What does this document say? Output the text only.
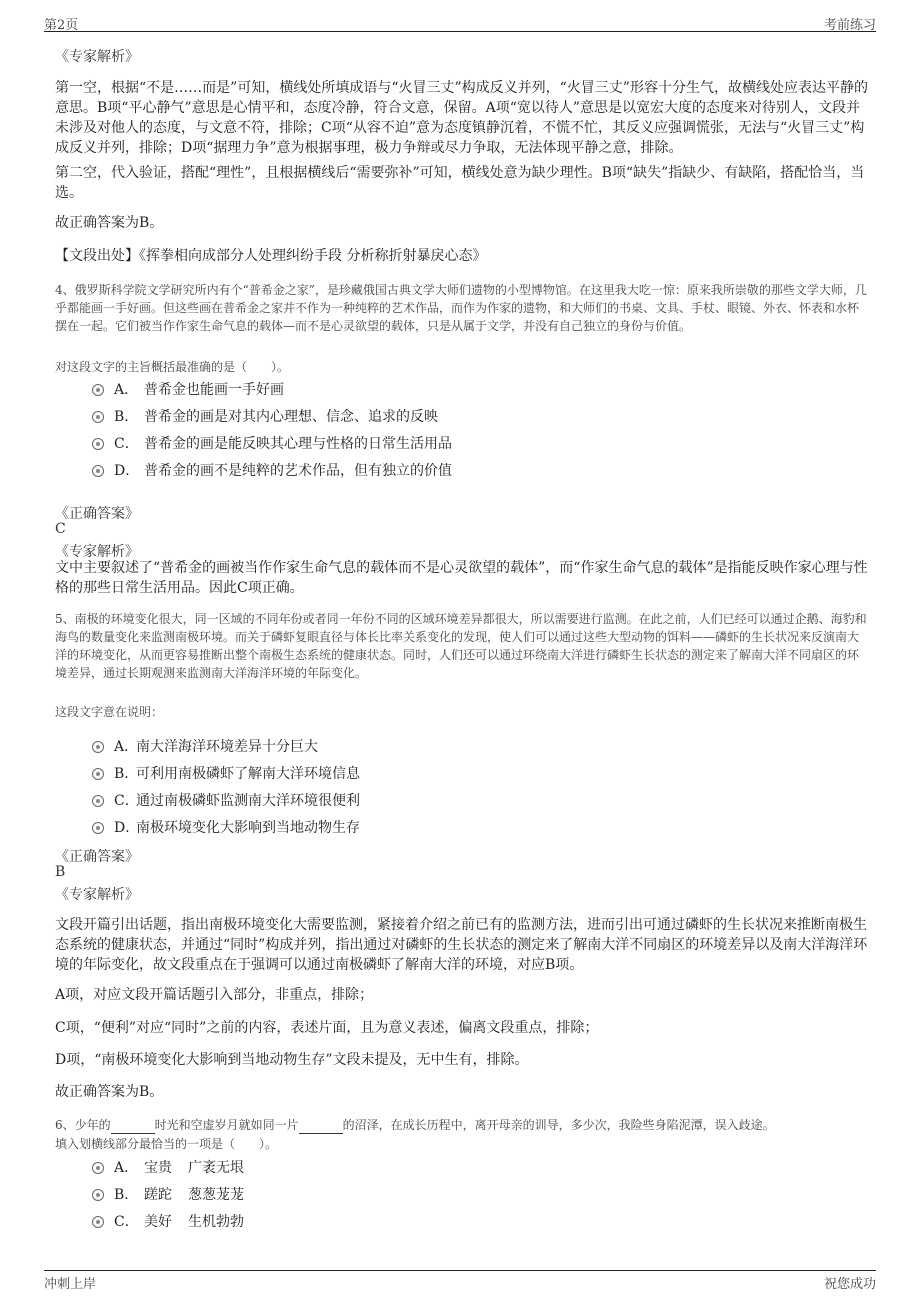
第2页	考前练习
《专家解析》

第一空，根据“不是……而是”可知，横线处所填成语与“火冒三丈”构成反义并列，“火冒三丈”形容十分生气，故横线处应表达平静的意思。B项“平心静气”意思是心情平和，态度冷静，符合文意，保留。A项“宽以待人”意思是以宽宏大度的态度来对待别人，文段并未涉及对他人的态度，与文意不符，排除；C项“从容不迫”意为态度镇静沉着，不慌不忙，其反义应强调慌张，无法与“火冒三丈”构成反义并列，排除；D项“据理力争”意为根据事理，极力争辩或尽力争取，无法体现平静之意，排除。

第二空，代入验证，搭配“理性”，且根据横线后“需要弥补”可知，横线处意为缺少理性。B项“缺失”指缺少、有缺陷，搭配恰当，当选。

故正确答案为B。

【文段出处】《挥拳相向成部分人处理纠纷手段 分析称折射暴戾心态》

4、俄罗斯科学院文学研究所内有个“普希金之家”，是珍藏俄国古典文学大师们遗物的小型博物馆。在这里我大吃一惊：原来我所崇敬的那些文学大师，几乎都能画一手好画。但这些画在普希金之家并不作为一种纯粹的艺术作品，而作为作家的遗物，和大师们的书桌、文具、手杖、眼镜、外衣、怀表和水杯摆在一起。它们被当作作家生命气息的载体—而不是心灵欲望的载体，只是从属于文学，并没有自己独立的身份与价值。

对这段文字的主旨概括最准确的是（　　）。

A． 普希金也能画一手好画
B． 普希金的画是对其内心理想、信念、追求的反映
C． 普希金的画是能反映其心理与性格的日常生活用品
D． 普希金的画不是纯粹的艺术作品，但有独立的价值
《正确答案》
C
《专家解析》

文中主要叙述了“普希金的画被当作作家生命气息的载体而不是心灵欲望的载体”，而“作家生命气息的载体”是指能反映作家心理与性格的那些日常生活用品。因此C项正确。

5、南极的环境变化很大，同一区域的不同年份或者同一年份不同的区域环境差异都很大，所以需要进行监测。在此之前，人们已经可以通过企鹅、海豹和海鸟的数量变化来监测南极环境。而关于磷虾复眼直径与体长比率关系变化的发现，使人们可以通过这些大型动物的饵料——磷虾的生长状况来反演南大洋的环境变化，从而更容易推断出整个南极生态系统的健康状态。同时，人们还可以通过环绕南大洋进行磷虾生长状态的测定来了解南大洋不同扇区的环境差异，通过长期观测来监测南大洋海洋环境的年际变化。

这段文字意在说明：

A．
南大洋海洋环境差异十分巨大
B．
可利用南极磷虾了解南大洋环境信息
C．
通过南极磷虾监测南大洋环境很便利
D．
南极环境变化大影响到当地动物生存
《正确答案》
B
《专家解析》

文段开篇引出话题，指出南极环境变化大需要监测，紧接着介绍之前已有的监测方法，进而引出可通过磷虾的生长状况来推断南极生态系统的健康状态，并通过“同时”构成并列，指出通过对磷虾的生长状态的测定来了解南大洋不同扇区的环境差异以及南大洋海洋环境的年际变化，故文段重点在于强调可以通过南极磷虾了解南大洋的环境，对应B项。

A项，对应文段开篇话题引入部分，非重点，排除；

C项，“便利”对应“同时”之前的内容，表述片面，且为意义表述，偏离文段重点，排除；

D项，“南极环境变化大影响到当地动物生存”文段未提及，无中生有，排除。

故正确答案为B。

6、少年的	时光和空虚岁月就如同一片	的沼泽，在成长历程中，离开母亲的训导，多少次，我险些身陷泥潭，误入歧途。

填入划横线部分最恰当的一项是（　　）。

A． 宝贵 广袤无垠
B． 蹉跎 葱葱茏茏
C． 美好 生机勃勃
冲刺上岸	祝您成功
